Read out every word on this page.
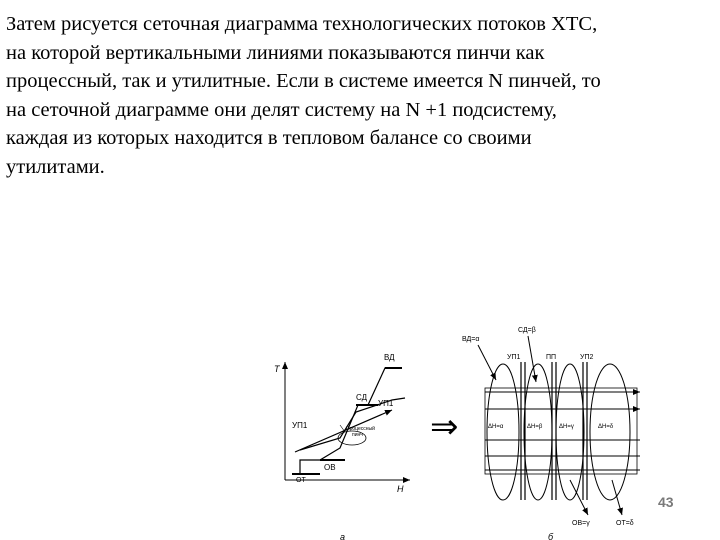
Затем рисуется сеточная диаграмма технологических потоков ХТС,

на которой вертикальными линиями показываются пинчи как

процессный, так и утилитные. Если в системе имеется N пинчей, то

на сеточной диаграмме они делят систему на N +1 подсистему,

каждая из которых находится в тепловом балансе со своими

утилитами.

T
H
ВД
СД
УП1
УП1	Процессный
пинч
ОВ
ОТ
а
⇒
ВД=α
СД=β
УП1	ПП	УП2
ΔH=α	ΔH=β	ΔH=γ	ΔH=δ
ОВ=γ	ОТ=δ
б
43
